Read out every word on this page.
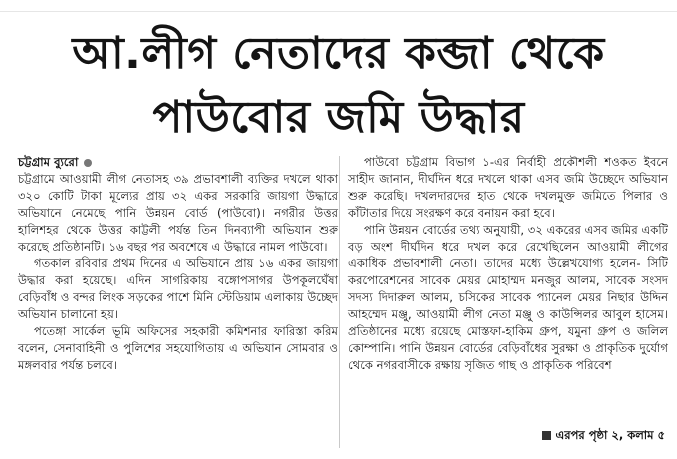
আ.লীগ নেতাদের কব্জা থেকে
পাউবোর জমি উদ্ধার
চট্টগ্রাম ব্যুরো

চট্টগ্রামে আওয়ামী লীগ নেতাসহ ৩৯ প্রভাবশালী ব্যক্তির দখলে থাকা ৩২০ কোটি টাকা মূল্যের প্রায় ৩২ একর সরকারি জায়গা উদ্ধারে অভিযানে নেমেছে পানি উন্নয়ন বোর্ড (পাউবো)। নগরীর উত্তর হালিশহর থেকে উত্তর কাট্টলী পর্যন্ত তিন দিনব্যাপী অভিযান শুরু করেছে প্রতিষ্ঠানটি। ১৬ বছর পর অবশেষে এ উদ্ধারে নামল পাউবো।

গতকাল রবিবার প্রথম দিনের এ অভিযানে প্রায় ১৬ একর জায়গা উদ্ধার করা হয়েছে। এদিন সাগরিকায় বঙ্গোপসাগর উপকূলঘেঁষা বেড়িবাঁধ ও বন্দর লিংক সড়কের পাশে মিনি স্টেডিয়াম এলাকায় উচ্ছেদ অভিযান চালানো হয়।

পতেঙ্গা সার্কেল ভূমি অফিসের সহকারী কমিশনার ফারিস্তা করিম বলেন, সেনাবাহিনী ও পুলিশের সহযোগিতায় এ অভিযান সোমবার ও মঙ্গলবার পর্যন্ত চলবে।

পাউবো চট্টগ্রাম বিভাগ ১-এর নির্বাহী প্রকৌশলী শওকত ইবনে সাহীদ জানান, দীর্ঘদিন ধরে দখলে থাকা এসব জমি উচ্ছেদে অভিযান শুরু করেছি। দখলদারদের হাত থেকে দখলমুক্ত জমিতে পিলার ও কাঁটাতার দিয়ে সংরক্ষণ করে বনায়ন করা হবে।

পানি উন্নয়ন বোর্ডের তথ্য অনুযায়ী, ৩২ একরের এসব জমির একটি বড় অংশ দীর্ঘদিন ধরে দখল করে রেখেছিলেন আওয়ামী লীগের একাধিক প্রভাবশালী নেতা। তাদের মধ্যে উল্লেখযোগ্য হলেন- সিটি করপোরেশনের সাবেক মেয়র মোহাম্মদ মনজুর আলম, সাবেক সংসদ সদস্য দিদারুল আলম, চসিকের সাবেক প্যানেল মেয়র নিছার উদ্দিন আহম্মেদ মঞ্জু, আওয়ামী লীগ নেতা মঞ্জু ও কাউন্সিলর আবুল হাসেম। প্রতিষ্ঠানের মধ্যে রয়েছে মোস্তফা-হাকিম গ্রুপ, যমুনা গ্রুপ ও জলিল কোম্পানি। পানি উন্নয়ন বোর্ডের বেড়িবাঁধের সুরক্ষা ও প্রাকৃতিক দুর্যোগ থেকে নগরবাসীকে রক্ষায় সৃজিত গাছ ও প্রাকৃতিক পরিবেশ

এরপর পৃষ্ঠা ২, কলাম ৫
